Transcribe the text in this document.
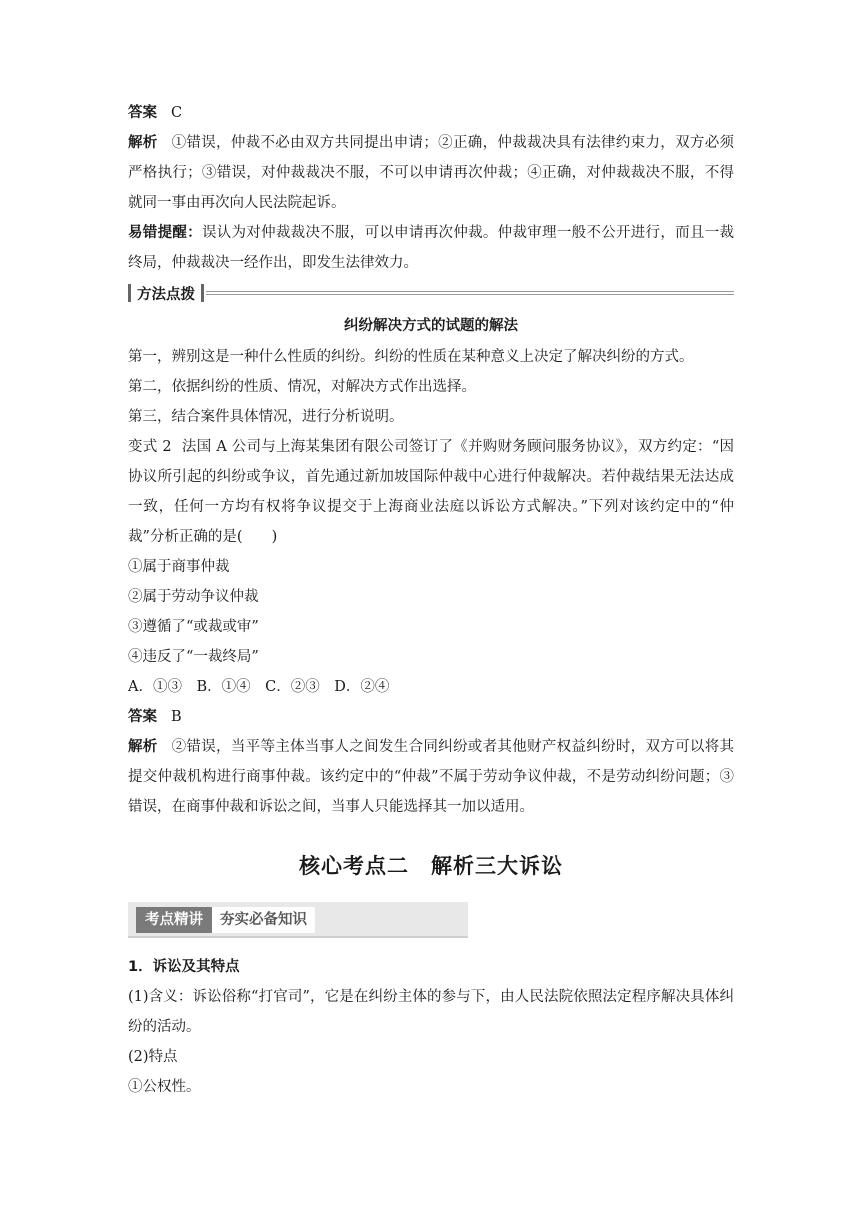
答案 C
解析 ①错误，仲裁不必由双方共同提出申请；②正确，仲裁裁决具有法律约束力，双方必须严格执行；③错误，对仲裁裁决不服，不可以申请再次仲裁；④正确，对仲裁裁决不服，不得就同一事由再次向人民法院起诉。
易错提醒：误认为对仲裁裁决不服，可以申请再次仲裁。仲裁审理一般不公开进行，而且一裁终局，仲裁裁决一经作出，即发生法律效力。
方法点拨
纠纷解决方式的试题的解法
第一，辨别这是一种什么性质的纠纷。纠纷的性质在某种意义上决定了解决纠纷的方式。
第二，依据纠纷的性质、情况，对解决方式作出选择。
第三，结合案件具体情况，进行分析说明。
变式 2 法国 A 公司与上海某集团有限公司签订了《并购财务顾问服务协议》，双方约定：“因协议所引起的纠纷或争议，首先通过新加坡国际仲裁中心进行仲裁解决。若仲裁结果无法达成一致，任何一方均有权将争议提交于上海商业法庭以诉讼方式解决。”下列对该约定中的“仲裁”分析正确的是(　　)
①属于商事仲裁
②属于劳动争议仲裁
③遵循了“或裁或审”
④违反了“一裁终局”
A．①③　B．①④　C．②③　D．②④
答案 B
解析 ②错误，当平等主体当事人之间发生合同纠纷或者其他财产权益纠纷时，双方可以将其提交仲裁机构进行商事仲裁。该约定中的“仲裁”不属于劳动争议仲裁，不是劳动纠纷问题；③错误，在商事仲裁和诉讼之间，当事人只能选择其一加以适用。
核心考点二　解析三大诉讼
考点精讲	夯实必备知识
1．诉讼及其特点
(1)含义：诉讼俗称“打官司”，它是在纠纷主体的参与下，由人民法院依照法定程序解决具体纠纷的活动。
(2)特点
①公权性。
